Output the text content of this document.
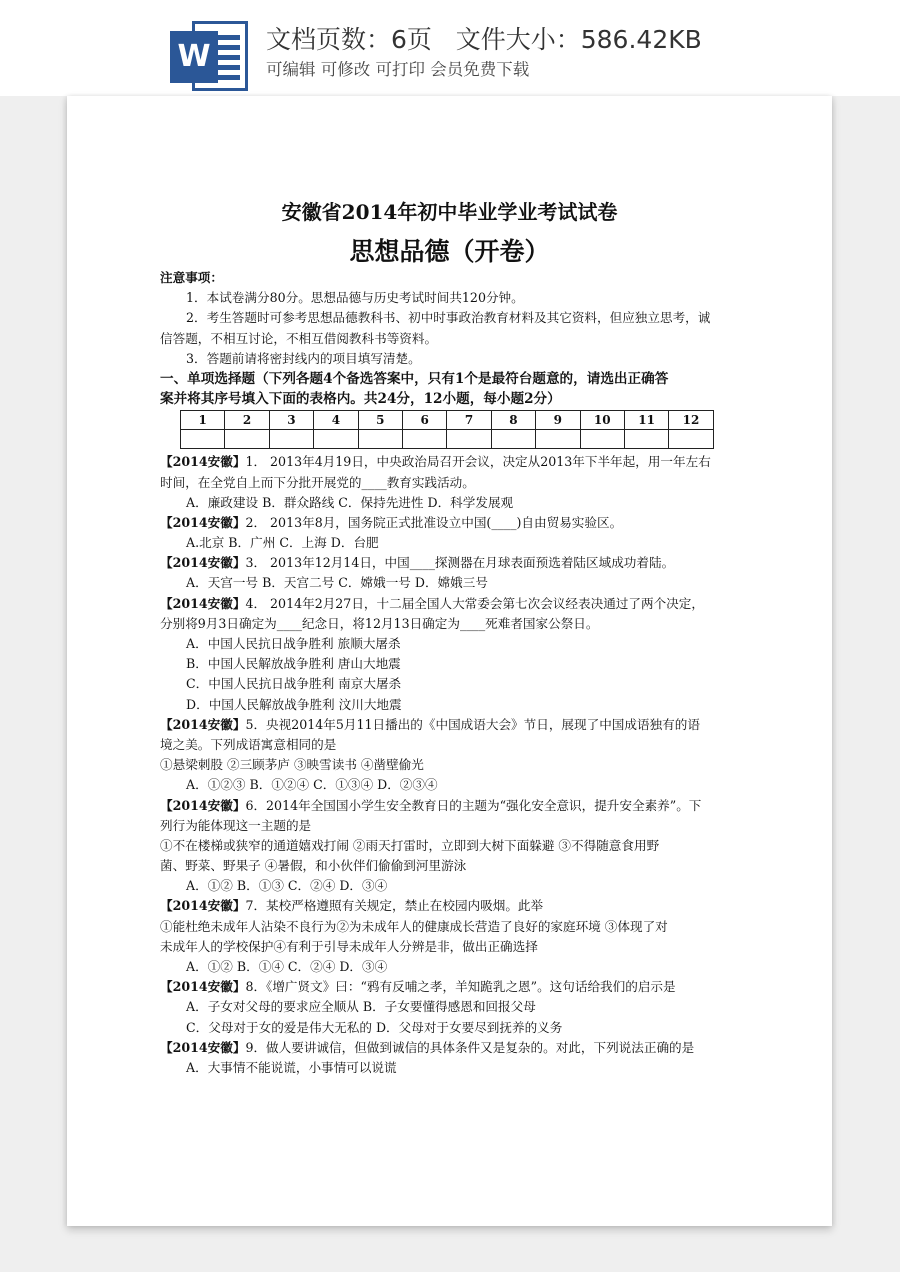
W 文档页数：6页   文件大小：586.42KB
可编辑 可修改 可打印 会员免费下载
安徽省2014年初中毕业学业考试试卷
思想品德（开卷）
注意事项：
1．本试卷满分80分。思想品德与历史考试时间共120分钟。
2．考生答题时可参考思想品德教科书、初中时事政治教育材料及其它资料，但应独立思考，诚
信答题，不相互讨论，不相互借阅教科书等资料。
3．答题前请将密封线内的项目填写清楚。
一、单项选择题（下列各题4个备选答案中，只有1个是最符台题意的，请选出正确答
案并将其序号填入下面的表格内。共24分，12小题，每小题2分）
1	2	3	4	5	6	7	8	9	10	11	12

【2014安徽】1． 2013年4月19日，中央政治局召开会议，决定从2013年下半年起，用一年左右
时间，在全党自上而下分批开展党的____教育实践活动。
A．廉政建设 B．群众路线 C．保持先进性 D．科学发展观
【2014安徽】2． 2013年8月，国务院正式批准设立中国(____)自由贸易实验区。
A.北京 B．广州 C．上海 D．台肥
【2014安徽】3． 2013年12月14日，中国____探测器在月球表面预选着陆区域成功着陆。
A．天宫一号 B．天宫二号 C．嫦娥一号 D．嫦娥三号
【2014安徽】4． 2014年2月27日，十二届全国人大常委会第七次会议经表决通过了两个决定，
分别将9月3日确定为____纪念日，将12月13日确定为____死难者国家公祭日。
A．中国人民抗日战争胜利 旅顺大屠杀
B．中国人民解放战争胜利 唐山大地震
C．中国人民抗日战争胜利 南京大屠杀
D．中国人民解放战争胜利 汶川大地震
【2014安徽】5．央视2014年5月11日播出的《中国成语大会》节日，展现了中国成语独有的语
境之美。下列成语寓意相同的是
①悬梁刺股 ②三顾茅庐 ③映雪读书 ④凿壁偷光
A．①②③ B．①②④ C．①③④ D．②③④
【2014安徽】6．2014年全国国小学生安全教育日的主题为“强化安全意识，提升安全素养”。下
列行为能体现这一主题的是
①不在楼梯或狭窄的通道嬉戏打闹 ②雨天打雷时，立即到大树下面躲避 ③不得随意食用野
菌、野菜、野果子 ④暑假，和小伙伴们偷偷到河里游泳
A．①② B．①③ C．②④ D．③④
【2014安徽】7．某校严格遵照有关规定，禁止在校园内吸烟。此举
①能杜绝未成年人沾染不良行为②为未成年人的健康成长营造了良好的家庭环境 ③体现了对
未成年人的学校保护④有利于引导未成年人分辨是非，做出正确选择
A．①② B．①④ C．②④ D．③④
【2014安徽】8．《增广贤文》曰：“鸦有反哺之孝，羊知跪乳之恩”。这句话给我们的启示是
A．子女对父母的要求应全顺从 B．子女要懂得感恩和回报父母
C．父母对于女的爱是伟大无私的 D．父母对于女要尽到抚养的义务
【2014安徽】9．做人要讲诚信，但做到诚信的具体条件又是复杂的。对此，下列说法正确的是
A．大事情不能说谎，小事情可以说谎
